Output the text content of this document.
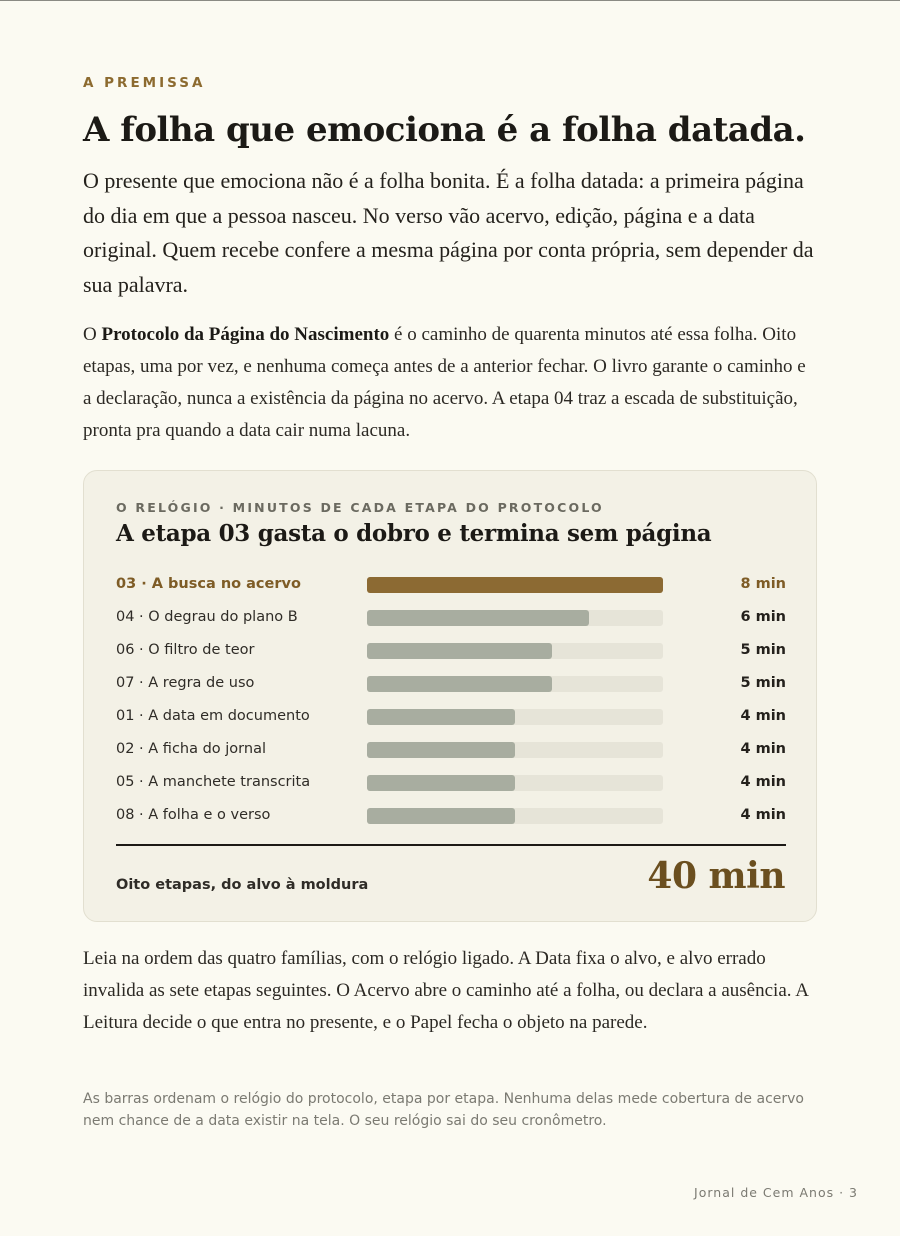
A PREMISSA
A folha que emociona é a folha datada.

O presente que emociona não é a folha bonita. É a folha datada: a primeira página do dia em que a pessoa nasceu. No verso vão acervo, edição, página e a data original. Quem recebe confere a mesma página por conta própria, sem depender da sua palavra.

O Protocolo da Página do Nascimento é o caminho de quarenta minutos até essa folha. Oito etapas, uma por vez, e nenhuma começa antes de a anterior fechar. O livro garante o caminho e a declaração, nunca a existência da página no acervo. A etapa 04 traz a escada de substituição, pronta pra quando a data cair numa lacuna.

O RELÓGIO · MINUTOS DE CADA ETAPA DO PROTOCOLO
A etapa 03 gasta o dobro e termina sem página
03 · A busca no acervo	8 min
04 · O degrau do plano B	6 min
06 · O filtro de teor	5 min
07 · A regra de uso	5 min
01 · A data em documento	4 min
02 · A ficha do jornal	4 min
05 · A manchete transcrita	4 min
08 · A folha e o verso	4 min
Oito etapas, do alvo à moldura	40 min

Leia na ordem das quatro famílias, com o relógio ligado. A Data fixa o alvo, e alvo errado invalida as sete etapas seguintes. O Acervo abre o caminho até a folha, ou declara a ausência. A Leitura decide o que entra no presente, e o Papel fecha o objeto na parede.

As barras ordenam o relógio do protocolo, etapa por etapa. Nenhuma delas mede cobertura de acervo nem chance de a data existir na tela. O seu relógio sai do seu cronômetro.

Jornal de Cem Anos · 3
